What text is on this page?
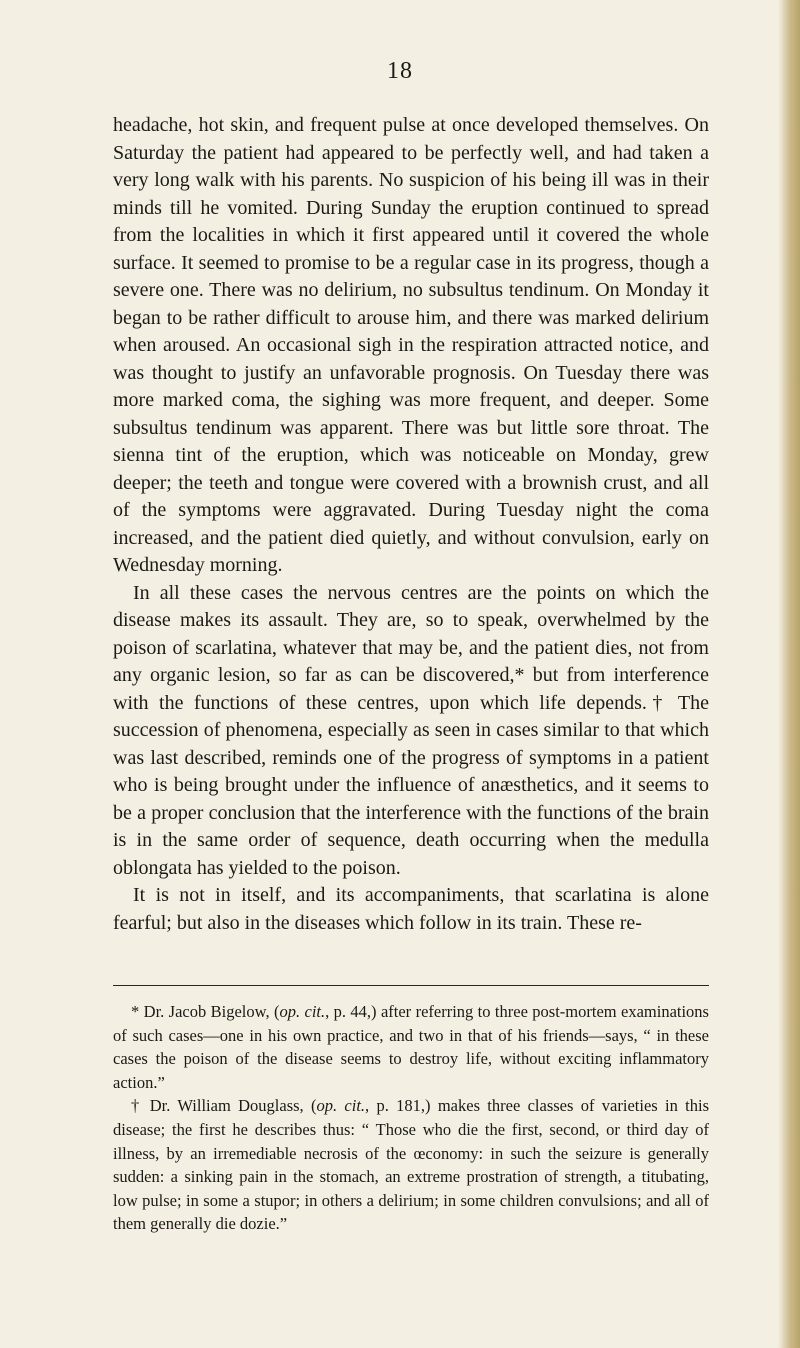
18

headache, hot skin, and frequent pulse at once developed themselves. On Saturday the patient had appeared to be perfectly well, and had taken a very long walk with his parents. No suspicion of his being ill was in their minds till he vomited. During Sunday the eruption continued to spread from the localities in which it first appeared until it covered the whole surface. It seemed to promise to be a regular case in its progress, though a severe one. There was no delirium, no subsultus tendinum. On Monday it began to be rather difficult to arouse him, and there was marked delirium when aroused. An occasional sigh in the respiration attracted notice, and was thought to justify an unfavorable prognosis. On Tuesday there was more marked coma, the sighing was more frequent, and deeper. Some subsultus tendinum was apparent. There was but little sore throat. The sienna tint of the eruption, which was noticeable on Monday, grew deeper; the teeth and tongue were covered with a brownish crust, and all of the symptoms were aggravated. During Tuesday night the coma increased, and the patient died quietly, and without convulsion, early on Wednesday morning.

In all these cases the nervous centres are the points on which the disease makes its assault. They are, so to speak, overwhelmed by the poison of scarlatina, whatever that may be, and the patient dies, not from any organic lesion, so far as can be discovered,* but from interference with the functions of these centres, upon which life depends.† The succession of phenomena, especially as seen in cases similar to that which was last described, reminds one of the progress of symptoms in a patient who is being brought under the influence of anæsthetics, and it seems to be a proper conclusion that the interference with the functions of the brain is in the same order of sequence, death occurring when the medulla oblongata has yielded to the poison.

It is not in itself, and its accompaniments, that scarlatina is alone fearful; but also in the diseases which follow in its train. These re-

* Dr. Jacob Bigelow, (op. cit., p. 44,) after referring to three post-mortem examinations of such cases—one in his own practice, and two in that of his friends—says, “ in these cases the poison of the disease seems to destroy life, without exciting inflammatory action.”

† Dr. William Douglass, (op. cit., p. 181,) makes three classes of varieties in this disease; the first he describes thus: “ Those who die the first, second, or third day of illness, by an irremediable necrosis of the œconomy: in such the seizure is generally sudden: a sinking pain in the stomach, an extreme prostration of strength, a titubating, low pulse; in some a stupor; in others a delirium; in some children convulsions; and all of them generally die dozie.”
